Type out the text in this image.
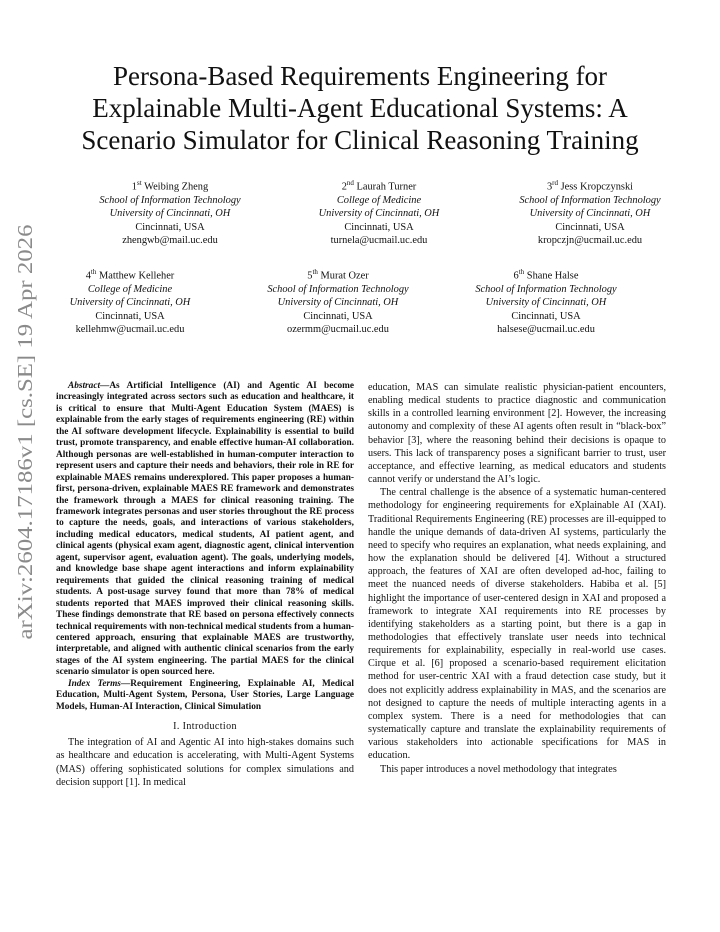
arXiv:2604.17186v1 [cs.SE] 19 Apr 2026
Persona-Based Requirements Engineering for
Explainable Multi-Agent Educational Systems: A
Scenario Simulator for Clinical Reasoning Training
1st Weibing Zheng
School of Information Technology
University of Cincinnati, OH
Cincinnati, USA
zhengwb@mail.uc.edu
2nd Laurah Turner
College of Medicine
University of Cincinnati, OH
Cincinnati, USA
turnela@ucmail.uc.edu
3rd Jess Kropczynski
School of Information Technology
University of Cincinnati, OH
Cincinnati, USA
kropczjn@ucmail.uc.edu
4th Matthew Kelleher
College of Medicine
University of Cincinnati, OH
Cincinnati, USA
kellehmw@ucmail.uc.edu
5th Murat Ozer
School of Information Technology
University of Cincinnati, OH
Cincinnati, USA
ozermm@ucmail.uc.edu
6th Shane Halse
School of Information Technology
University of Cincinnati, OH
Cincinnati, USA
halsese@ucmail.uc.edu

Abstract—As Artificial Intelligence (AI) and Agentic AI become increasingly integrated across sectors such as education and healthcare, it is critical to ensure that Multi-Agent Education System (MAES) is explainable from the early stages of requirements engineering (RE) within the AI software development lifecycle. Explainability is essential to build trust, promote transparency, and enable effective human-AI collaboration. Although personas are well-established in human-computer interaction to represent users and capture their needs and behaviors, their role in RE for explainable MAES remains underexplored. This paper proposes a human-first, persona-driven, explainable MAES RE framework and demonstrates the framework through a MAES for clinical reasoning training. The framework integrates personas and user stories throughout the RE process to capture the needs, goals, and interactions of various stakeholders, including medical educators, medical students, AI patient agent, and clinical agents (physical exam agent, diagnostic agent, clinical intervention agent, supervisor agent, evaluation agent). The goals, underlying models, and knowledge base shape agent interactions and inform explainability requirements that guided the clinical reasoning training of medical students. A post-usage survey found that more than 78% of medical students reported that MAES improved their clinical reasoning skills. These findings demonstrate that RE based on persona effectively connects technical requirements with non-technical medical students from a human-centered approach, ensuring that explainable MAES are trustworthy, interpretable, and aligned with authentic clinical scenarios from the early stages of the AI system engineering. The partial MAES for the clinical scenario simulator is open sourced here.

Index Terms—Requirement Engineering, Explainable AI, Medical Education, Multi-Agent System, Persona, User Stories, Large Language Models, Human-AI Interaction, Clinical Simulation

I. Introduction

The integration of AI and Agentic AI into high-stakes domains such as healthcare and education is accelerating, with Multi-Agent Systems (MAS) offering sophisticated solutions for complex simulations and decision support [1]. In medical

education, MAS can simulate realistic physician-patient encounters, enabling medical students to practice diagnostic and communication skills in a controlled learning environment [2]. However, the increasing autonomy and complexity of these AI agents often result in “black-box” behavior [3], where the reasoning behind their decisions is opaque to users. This lack of transparency poses a significant barrier to trust, user acceptance, and effective learning, as medical educators and students cannot verify or understand the AI’s logic.

The central challenge is the absence of a systematic human-centered methodology for engineering requirements for eXplainable AI (XAI). Traditional Requirements Engineering (RE) processes are ill-equipped to handle the unique demands of data-driven AI systems, particularly the need to specify who requires an explanation, what needs explaining, and how the explanation should be delivered [4]. Without a structured approach, the features of XAI are often developed ad-hoc, failing to meet the nuanced needs of diverse stakeholders. Habiba et al. [5] highlight the importance of user-centered design in XAI and proposed a framework to integrate XAI requirements into RE processes by identifying stakeholders as a starting point, but there is a gap in methodologies that effectively translate user needs into technical requirements for explainability, especially in real-world use cases. Cirque et al. [6] proposed a scenario-based requirement elicitation method for user-centric XAI with a fraud detection case study, but it does not explicitly address explainability in MAS, and the scenarios are not designed to capture the needs of multiple interacting agents in a complex system. There is a need for methodologies that can systematically capture and translate the explainability requirements of various stakeholders into actionable specifications for MAS in education.

This paper introduces a novel methodology that integrates
